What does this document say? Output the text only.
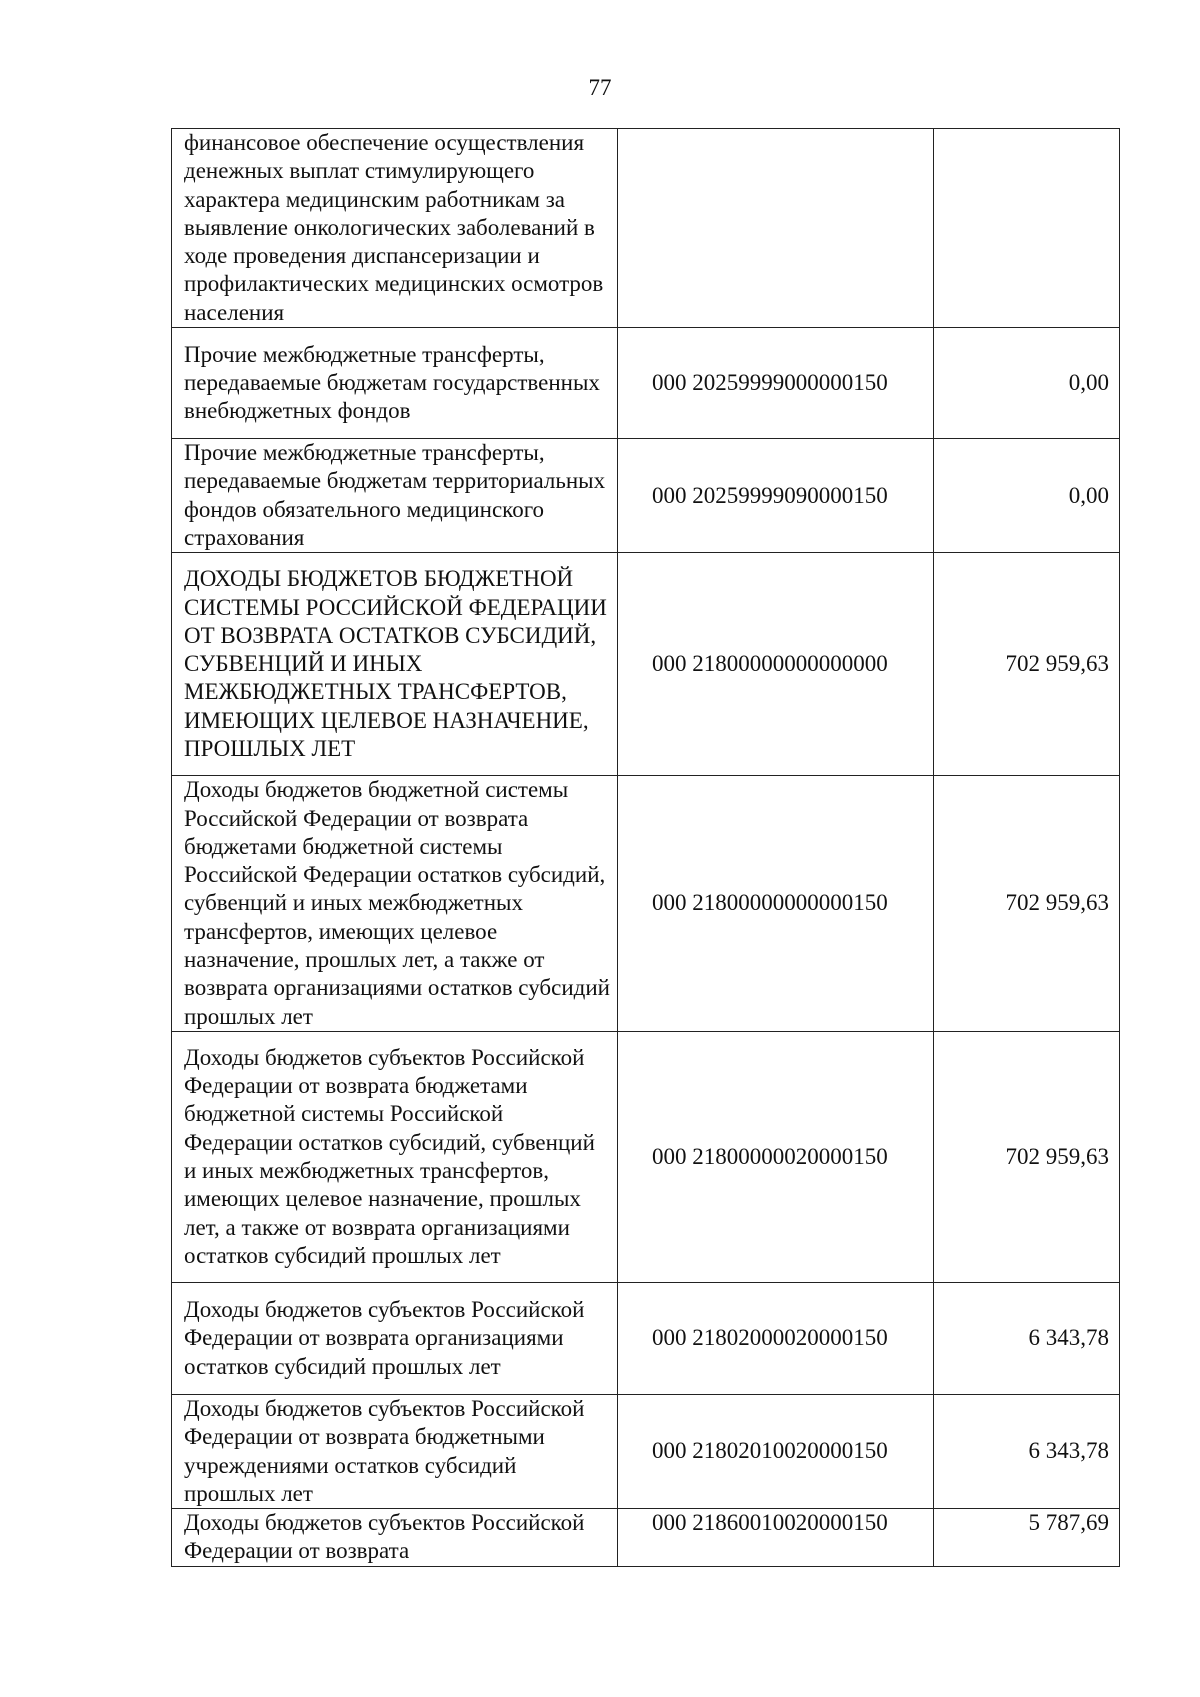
77
финансовое обеспечение осуществления денежных выплат стимулирующего характера медицинским работникам за выявление онкологических заболеваний в ходе проведения диспансеризации и профилактических медицинских осмотров населения		
Прочие межбюджетные трансферты, передаваемые бюджетам государственных внебюджетных фондов	000 20259999000000150	0,00
Прочие межбюджетные трансферты, передаваемые бюджетам территориальных фондов обязательного медицинского страхования	000 20259999090000150	0,00
ДОХОДЫ БЮДЖЕТОВ БЮДЖЕТНОЙ СИСТЕМЫ РОССИЙСКОЙ ФЕДЕРАЦИИ ОТ ВОЗВРАТА ОСТАТКОВ СУБСИДИЙ, СУБВЕНЦИЙ И ИНЫХ МЕЖБЮДЖЕТНЫХ ТРАНСФЕРТОВ, ИМЕЮЩИХ ЦЕЛЕВОЕ НАЗНАЧЕНИЕ, ПРОШЛЫХ ЛЕТ	000 21800000000000000	702 959,63
Доходы бюджетов бюджетной системы Российской Федерации от возврата бюджетами бюджетной системы Российской Федерации остатков субсидий, субвенций и иных межбюджетных трансфертов, имеющих целевое назначение, прошлых лет, а также от возврата организациями остатков субсидий прошлых лет	000 21800000000000150	702 959,63
Доходы бюджетов субъектов Российской Федерации от возврата бюджетами бюджетной системы Российской Федерации остатков субсидий, субвенций и иных межбюджетных трансфертов, имеющих целевое назначение, прошлых лет, а также от возврата организациями остатков субсидий прошлых лет	000 21800000020000150	702 959,63
Доходы бюджетов субъектов Российской Федерации от возврата организациями остатков субсидий прошлых лет	000 21802000020000150	6 343,78
Доходы бюджетов субъектов Российской Федерации от возврата бюджетными учреждениями остатков субсидий прошлых лет	000 21802010020000150	6 343,78
Доходы бюджетов субъектов Российской Федерации от возврата	000 21860010020000150	5 787,69
